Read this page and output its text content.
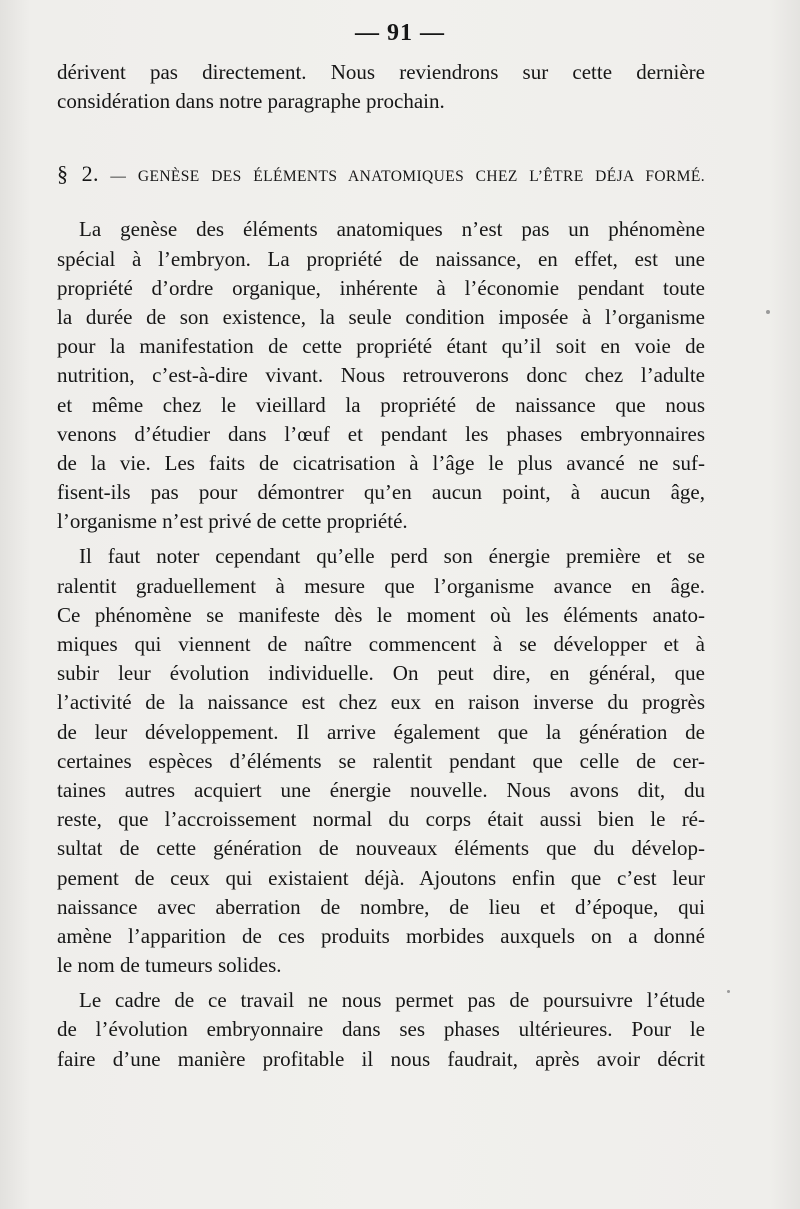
— 91 —
dérivent pas directement. Nous reviendrons sur cette dernière
considération dans notre paragraphe prochain.
§ 2. — GENÈSE DES ÉLÉMENTS ANATOMIQUES CHEZ L’ÊTRE DÉJA FORMÉ.
La genèse des éléments anatomiques n’est pas un phénomène
spécial à l’embryon. La propriété de naissance, en effet, est une
propriété d’ordre organique, inhérente à l’économie pendant toute
la durée de son existence, la seule condition imposée à l’organisme
pour la manifestation de cette propriété étant qu’il soit en voie de
nutrition, c’est-à-dire vivant. Nous retrouverons donc chez l’adulte
et même chez le vieillard la propriété de naissance que nous
venons d’étudier dans l’œuf et pendant les phases embryonnaires
de la vie. Les faits de cicatrisation à l’âge le plus avancé ne suf-
fisent-ils pas pour démontrer qu’en aucun point, à aucun âge,
l’organisme n’est privé de cette propriété.
Il faut noter cependant qu’elle perd son énergie première et se
ralentit graduellement à mesure que l’organisme avance en âge.
Ce phénomène se manifeste dès le moment où les éléments anato-
miques qui viennent de naître commencent à se développer et à
subir leur évolution individuelle. On peut dire, en général, que
l’activité de la naissance est chez eux en raison inverse du progrès
de leur développement. Il arrive également que la génération de
certaines espèces d’éléments se ralentit pendant que celle de cer-
taines autres acquiert une énergie nouvelle. Nous avons dit, du
reste, que l’accroissement normal du corps était aussi bien le ré-
sultat de cette génération de nouveaux éléments que du dévelop-
pement de ceux qui existaient déjà. Ajoutons enfin que c’est leur
naissance avec aberration de nombre, de lieu et d’époque, qui
amène l’apparition de ces produits morbides auxquels on a donné
le nom de tumeurs solides.
Le cadre de ce travail ne nous permet pas de poursuivre l’étude
de l’évolution embryonnaire dans ses phases ultérieures. Pour le
faire d’une manière profitable il nous faudrait, après avoir décrit
